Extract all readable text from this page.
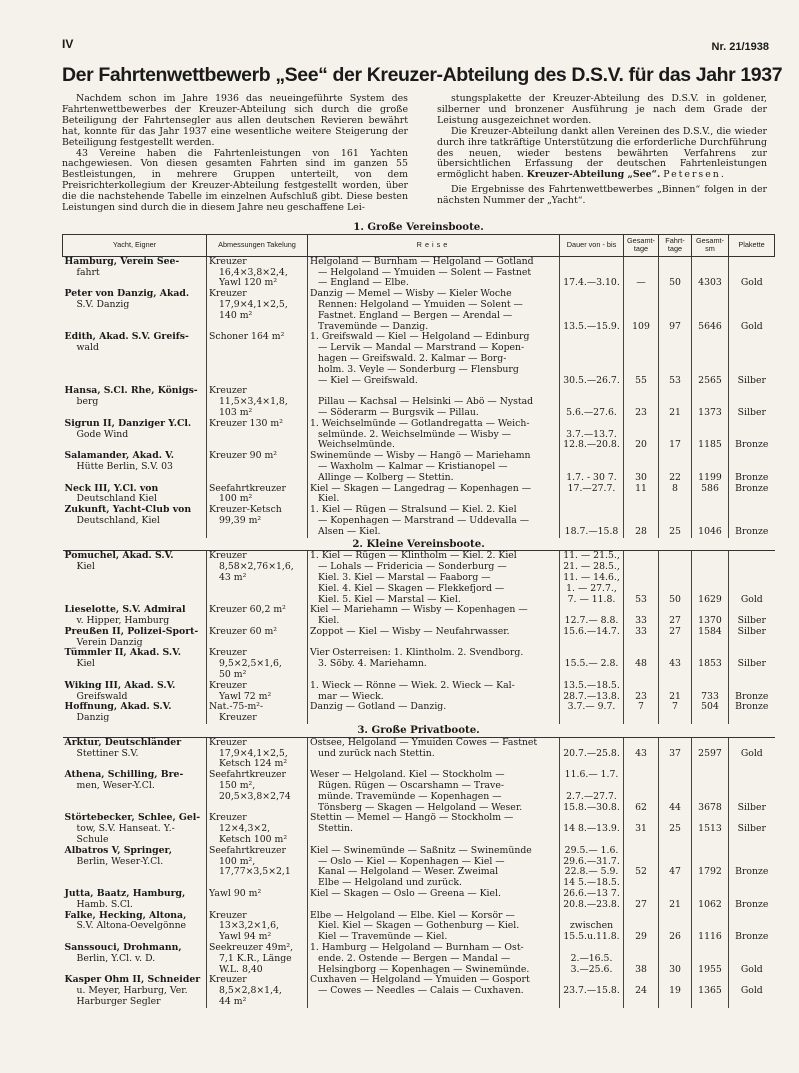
IV	Nr. 21/1938
Der Fahrtenwettbewerb „See“ der Kreuzer-Abteilung des D.S.V. für das Jahr 1937

Nachdem schon im Jahre 1936 das neueingeführte System des Fahrtenwettbewerbes der Kreuzer-Abteilung sich durch die große Beteiligung der Fahrtensegler aus allen deutschen Revieren bewährt hat, konnte für das Jahr 1937 eine wesentliche weitere Steigerung der Beteiligung festgestellt werden.

43 Vereine haben die Fahrtenleistungen von 161 Yachten nachgewiesen. Von diesen gesamten Fahrten sind im ganzen 55 Bestleistungen, in mehrere Gruppen unterteilt, von dem Preisrichterkollegium der Kreuzer-Abteilung festgestellt worden, über die die nachstehende Tabelle im einzelnen Aufschluß gibt. Diese besten Leistungen sind durch die in diesem Jahre neu geschaffene Lei-

stungsplakette der Kreuzer-Abteilung des D.S.V. in goldener, silberner und bronzener Ausführung je nach dem Grade der Leistung ausgezeichnet worden.

Die Kreuzer-Abteilung dankt allen Vereinen des D.S.V., die wieder durch ihre tatkräftige Unterstützung die erforderliche Durchführung des neuen, wieder bestens bewährten Verfahrens zur übersichtlichen Erfassung der deutschen Fahrtenleistungen ermöglicht haben. Kreuzer-Abteilung „See“. Petersen.

Die Ergebnisse des Fahrtenwettbewerbes „Binnen“ folgen in der nächsten Nummer der „Yacht“.

1. Große Vereinsboote.							
Yacht, Eigner	Abmessungen Takelung	Reise	Dauer von - bis	Gesamt-tage	Fahrt-tage	Gesamt-sm	Plakette

Hamburg, Verein See-
fahrt	Kreuzer
16,4×3,8×2,4,
Yawl 120 m²	Helgoland — Burnham — Helgoland — Gotland
— Helgoland — Ymuiden — Solent — Fastnet
— England — Elbe.	17.4.—3.10.	—	50	4303	Gold

Peter von Danzig, Akad.
S.V. Danzig	Kreuzer
17,9×4,1×2,5,
140 m²	Danzig — Memel — Wisby — Kieler Woche
Rennen: Helgoland — Ymuiden — Solent —
Fastnet. England — Bergen — Arendal —
Travemünde — Danzig.	13.5.—15.9.	109	97	5646	Gold

Edith, Akad. S.V. Greifs-
wald	Schoner 164 m²	1. Greifswald — Kiel — Helgoland — Edinburg
— Lervik — Mandal — Marstrand — Kopen-
hagen — Greifswald. 2. Kalmar — Borg-
holm. 3. Veyle — Sonderburg — Flensburg
— Kiel — Greifswald.	30.5.—26.7.	55	53	2565	Silber

Hansa, S.Cl. Rhe, Königs-
berg	Kreuzer
11,5×3,4×1,8,
103 m²	Pillau — Kachsal — Helsinki — Abö — Nystad
— Söderarm — Burgsvik — Pillau.	5.6.—27.6.	23	21	1373	Silber

Sigrun II, Danziger Y.Cl.
Gode Wind	Kreuzer 130 m²	1. Weichselmünde — Gotlandregatta — Weich-
selmünde. 2. Weichselmünde — Wisby —
Weichselmünde.	3.7.—13.7.
12.8.—20.8.	20	17	1185	Bronze

Salamander, Akad. V.
Hütte Berlin, S.V. 03	Kreuzer 90 m²	Swinemünde — Wisby — Hangö — Mariehamn
— Waxholm — Kalmar — Kristianopel —
Allinge — Kolberg — Stettin.	1.7. - 30 7.	30	22	1199	Bronze

Neck III, Y.Cl. von
Deutschland Kiel	Seefahrtkreuzer
100 m²	Kiel — Skagen — Langedrag — Kopenhagen —
Kiel.	17.—27.7.	11	8	586	Bronze

Zukunft, Yacht-Club von
Deutschland, Kiel	Kreuzer-Ketsch
99,39 m²	1. Kiel — Rügen — Stralsund — Kiel. 2. Kiel
— Kopenhagen — Marstrand — Uddevalla —
Alsen — Kiel.	18.7.—15.8	28	25	1046	Bronze

2. Kleine Vereinsboote.							

Pomuchel, Akad. S.V.
Kiel	Kreuzer
8,58×2,76×1,6,
43 m²	1. Kiel — Rügen — Klintholm — Kiel. 2. Kiel
— Lohals — Fridericia — Sonderburg —
Kiel. 3. Kiel — Marstal — Faaborg —
Kiel. 4. Kiel — Skagen — Flekkefjord —
Kiel. 5. Kiel — Marstal — Kiel.	11. — 21.5.,
21. — 28.5.,
11. — 14.6.,
1. — 27.7.,
7. — 11.8.	53	50	1629	Gold

Lieselotte, S.V. Admiral
v. Hipper, Hamburg	Kreuzer 60,2 m²	Kiel — Mariehamn — Wisby — Kopenhagen —
Kiel.	12.7.— 8.8.	33	27	1370	Silber

Preußen II, Polizei-Sport-
Verein Danzig	Kreuzer 60 m²	Zoppot — Kiel — Wisby — Neufahrwasser.	15.6.—14.7.	33	27	1584	Silber

Tümmler II, Akad. S.V.
Kiel	Kreuzer
9,5×2,5×1,6,
50 m²	Vier Osterreisen: 1. Klintholm. 2. Svendborg.
3. Söby. 4. Mariehamn.	15.5.— 2.8.	48	43	1853	Silber

Wiking III, Akad. S.V.
Greifswald	Kreuzer
Yawl 72 m²	1. Wieck — Rönne — Wiek. 2. Wieck — Kal-
mar — Wieck.	13.5.—18.5.
28.7.—13.8.	23	21	733	Bronze

Hoffnung, Akad. S.V.
Danzig	Nat.-75-m²-
Kreuzer	Danzig — Gotland — Danzig.	3.7.— 9.7.	7	7	504	Bronze

3. Große Privatboote.							

Arktur, Deutschländer
Stettiner S.V.	Kreuzer
17,9×4,1×2,5,
Ketsch 124 m²	Ostsee, Helgoland — Ymuiden Cowes — Fastnet
und zurück nach Stettin.	20.7.—25.8.	43	37	2597	Gold

Athena, Schilling, Bre-
men, Weser-Y.Cl.	Seefahrtkreuzer
150 m²,
20,5×3,8×2,74	Weser — Helgoland. Kiel — Stockholm —
Rügen. Rügen — Oscarshamn — Trave-
münde. Travemünde — Kopenhagen —
Tönsberg — Skagen — Helgoland — Weser.	11.6.— 1.7.
2.7.—27.7.
15.8.—30.8.	62	44	3678	Silber

Störtebecker, Schlee, Gel-
tow, S.V. Hanseat. Y.-
Schule	Kreuzer
12×4,3×2,
Ketsch 100 m²	Stettin — Memel — Hangö — Stockholm —
Stettin.	14 8.—13.9.	31	25	1513	Silber

Albatros V, Springer,
Berlin, Weser-Y.Cl.	Seefahrtkreuzer
100 m²,
17,77×3,5×2,1	Kiel — Swinemünde — Saßnitz — Swinemünde
— Oslo — Kiel — Kopenhagen — Kiel —
Kanal — Helgoland — Weser. Zweimal
Elbe — Helgoland und zurück.	29.5.— 1.6.
29.6.—31.7.
22.8.— 5.9.
14 5.—18.5.	52	47	1792	Bronze

Jutta, Baatz, Hamburg,
Hamb. S.Cl.	Yawl 90 m²	Kiel — Skagen — Oslo — Greena — Kiel.	26.6.—13 7.
20.8.—23.8.	27	21	1062	Bronze

Falke, Hecking, Altona,
S.V. Altona-Oevelgönne	Kreuzer
13×3,2×1,6,
Yawl 94 m²	Elbe — Helgoland — Elbe. Kiel — Korsör —
Kiel. Kiel — Skagen — Gothenburg — Kiel.
Kiel — Travemünde — Kiel.	zwischen
15.5.u.11.8.	29	26	1116	Bronze

Sanssouci, Drohmann,
Berlin, Y.Cl. v. D.	Seekreuzer 49m²,
7,1 K.R., Länge
W.L. 8,40	1. Hamburg — Helgoland — Burnham — Ost-
ende. 2. Ostende — Bergen — Mandal —
Helsingborg — Kopenhagen — Swinemünde.	2.—16.5.
3.—25.6.	38	30	1955	Gold

Kasper Ohm II, Schneider
u. Meyer, Harburg, Ver.
Harburger Segler	Kreuzer
8,5×2,8×1,4,
44 m²	Cuxhaven — Helgoland — Ymuiden — Gosport
— Cowes — Needles — Calais — Cuxhaven.	23.7.—15.8.	24	19	1365	Gold
